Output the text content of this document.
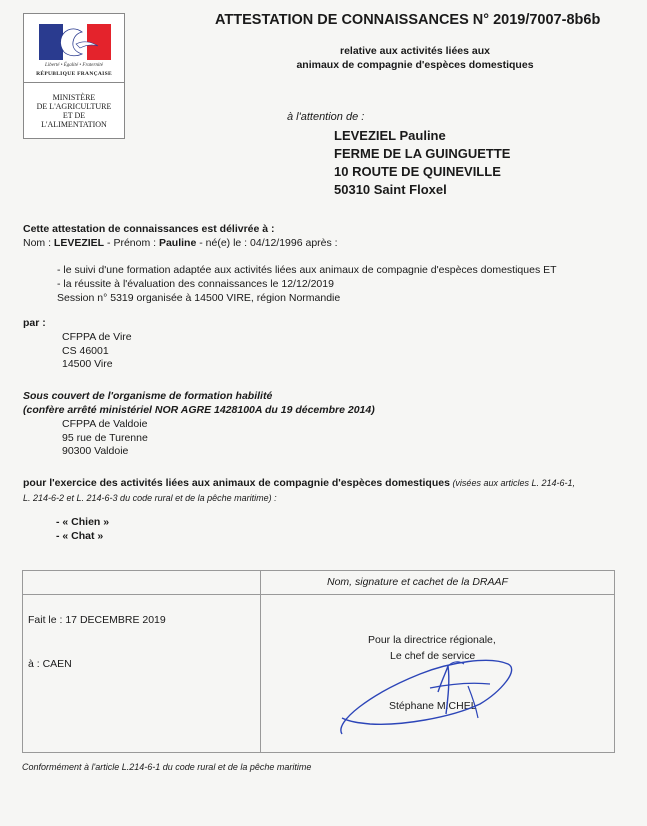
Liberté • Égalité • Fraternité
RÉPUBLIQUE FRANÇAISE
MINISTÈRE
DE L'AGRICULTURE
ET DE
L'ALIMENTATION
ATTESTATION DE CONNAISSANCES N° 2019/7007-8b6b
relative aux activités liées aux
animaux de compagnie d'espèces domestiques
à l'attention de :
LEVEZIEL Pauline
FERME DE LA GUINGUETTE
10 ROUTE DE QUINEVILLE
50310 Saint Floxel
Cette attestation de connaissances est délivrée à :
Nom : LEVEZIEL - Prénom : Pauline - né(e) le : 04/12/1996 après :
- le suivi d'une formation adaptée aux activités liées aux animaux de compagnie d'espèces domestiques ET
- la réussite à l'évaluation des connaissances le 12/12/2019
Session n° 5319 organisée à 14500 VIRE, région Normandie
par :
CFPPA de Vire
CS 46001
14500 Vire
Sous couvert de l'organisme de formation habilité
(confère arrêté ministériel NOR AGRE 1428100A du 19 décembre 2014)
CFPPA de Valdoie
95 rue de Turenne
90300 Valdoie
pour l'exercice des activités liées aux animaux de compagnie d'espèces domestiques (visées aux articles L. 214-6-1,
L. 214-6-2 et L. 214-6-3 du code rural et de la pêche maritime) :
- « Chien »
- « Chat »
Nom, signature et cachet de la DRAAF
Fait le : 17 DECEMBRE 2019
à : CAEN
Pour la directrice régionale,
Le chef de service
Stéphane MICHEL
Conformément à l'article L.214-6-1 du code rural et de la pêche maritime
